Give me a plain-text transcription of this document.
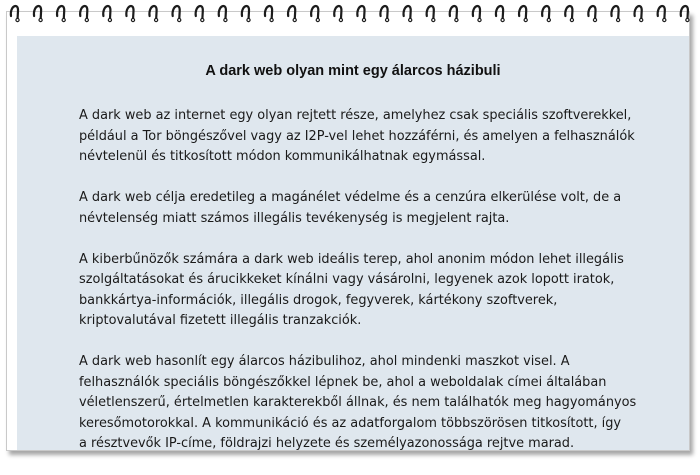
A dark web olyan mint egy álarcos házibuli

A dark web az internet egy olyan rejtett része, amelyhez csak speciális szoftverekkel,
például a Tor böngészővel vagy az I2P-vel lehet hozzáférni, és amelyen a felhasználók
névtelenül és titkosított módon kommunikálhatnak egymással.

A dark web célja eredetileg a magánélet védelme és a cenzúra elkerülése volt, de a
névtelenség miatt számos illegális tevékenység is megjelent rajta.

A kiberbűnözők számára a dark web ideális terep, ahol anonim módon lehet illegális
szolgáltatásokat és árucikkeket kínálni vagy vásárolni, legyenek azok lopott iratok,
bankkártya-információk, illegális drogok, fegyverek, kártékony szoftverek,
kriptovalutával fizetett illegális tranzakciók.

A dark web hasonlít egy álarcos házibulihoz, ahol mindenki maszkot visel. A
felhasználók speciális böngészőkkel lépnek be, ahol a weboldalak címei általában
véletlenszerű, értelmetlen karakterekből állnak, és nem találhatók meg hagyományos
keresőmotorokkal. A kommunikáció és az adatforgalom többszörösen titkosított, így
a résztvevők IP-címe, földrajzi helyzete és személyazonossága rejtve marad.
